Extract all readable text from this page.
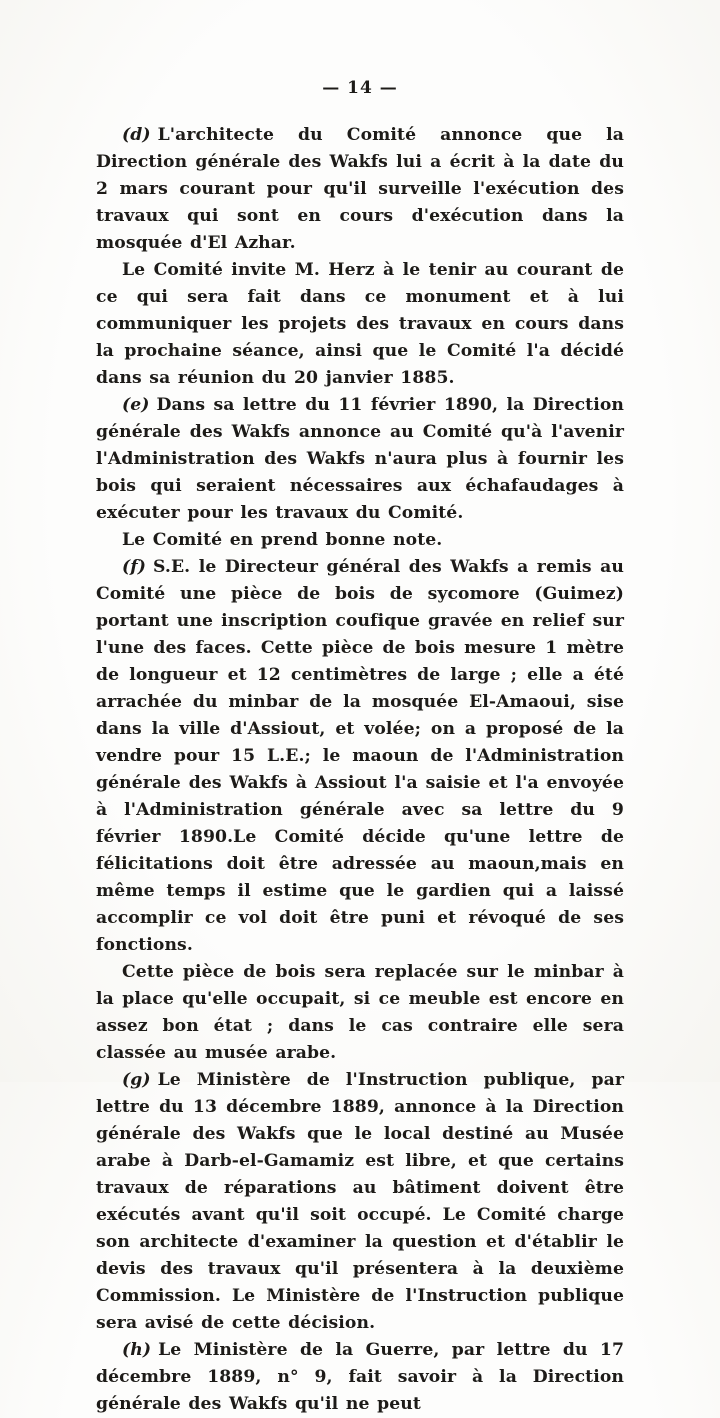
— 14 —

(d) L'architecte du Comité annonce que la Direction générale des Wakfs lui a écrit à la date du 2 mars courant pour qu'il surveille l'exécution des travaux qui sont en cours d'exécution dans la mosquée d'El Azhar.

Le Comité invite M. Herz à le tenir au courant de ce qui sera fait dans ce monument et à lui communiquer les projets des travaux en cours dans la prochaine séance, ainsi que le Comité l'a décidé dans sa réunion du 20 janvier 1885.

(e) Dans sa lettre du 11 février 1890, la Direction générale des Wakfs annonce au Comité qu'à l'avenir l'Administration des Wakfs n'aura plus à fournir les bois qui seraient nécessaires aux échafaudages à exécuter pour les travaux du Comité.

Le Comité en prend bonne note.

(f) S.E. le Directeur général des Wakfs a remis au Comité une pièce de bois de sycomore (Guimez) portant une inscription coufique gravée en relief sur l'une des faces. Cette pièce de bois mesure 1 mètre de longueur et 12 centimètres de large ; elle a été arrachée du minbar de la mosquée El-Amaoui, sise dans la ville d'Assiout, et volée; on a proposé de la vendre pour 15 L.E.; le maoun de l'Administration générale des Wakfs à Assiout l'a saisie et l'a envoyée à l'Administration générale avec sa lettre du 9 février 1890.Le Comité décide qu'une lettre de félicitations doit être adressée au maoun,mais en même temps il estime que le gardien qui a laissé accomplir ce vol doit être puni et révoqué de ses fonctions.

Cette pièce de bois sera replacée sur le minbar à la place qu'elle occupait, si ce meuble est encore en assez bon état ; dans le cas contraire elle sera classée au musée arabe.

(g) Le Ministère de l'Instruction publique, par lettre du 13 décembre 1889, annonce à la Direction générale des Wakfs que le local destiné au Musée arabe à Darb-el-Gamamiz est libre, et que certains travaux de réparations au bâtiment doivent être exécutés avant qu'il soit occupé. Le Comité charge son architecte d'examiner la question et d'établir le devis des travaux qu'il présentera à la deuxième Commission. Le Ministère de l'Instruction publique sera avisé de cette décision.

(h) Le Ministère de la Guerre, par lettre du 17 décembre 1889, n° 9, fait savoir à la Direction générale des Wakfs qu'il ne peut
